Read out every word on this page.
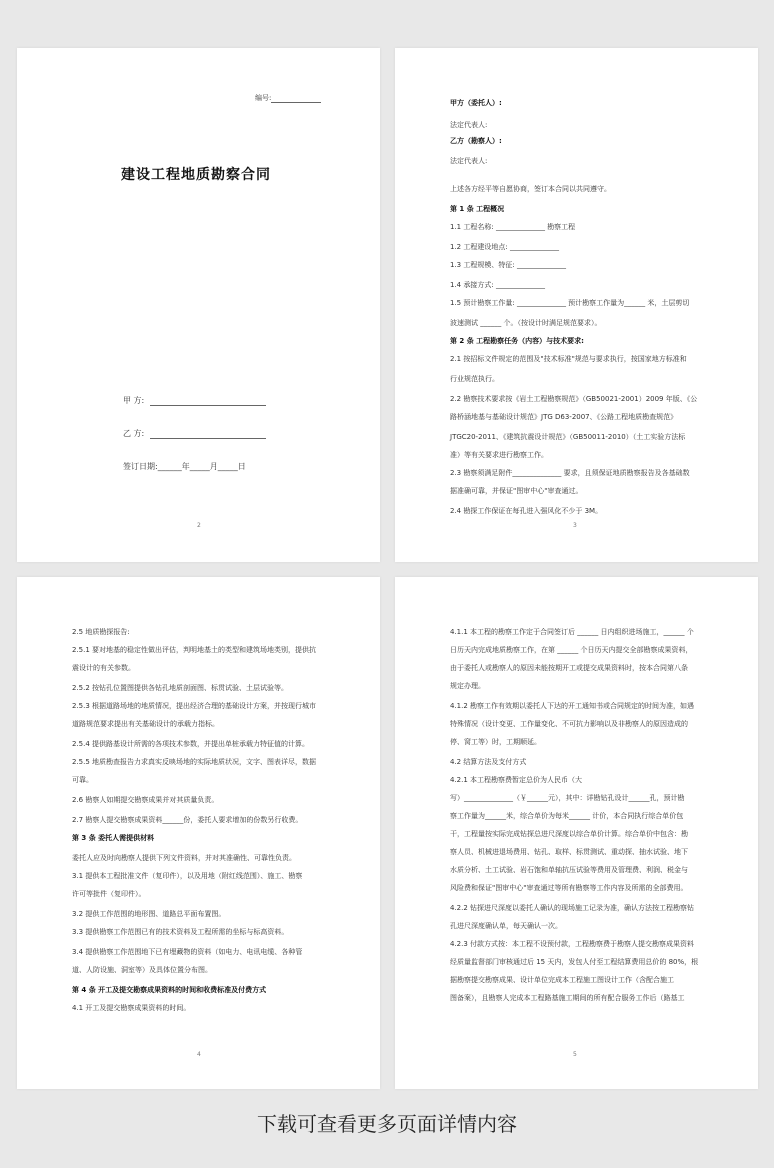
编号:
建设工程地质勘察合同
甲 方:
乙 方:
签订日期:______年_____月_____日
2
甲方（委托人）:
法定代表人:
乙方（勘察人）:
法定代表人:
上述各方经平等自愿协商，签订本合同以共同遵守。
第 1 条 工程概况
1.1 工程名称: ______________ 勘察工程
1.2 工程建设地点: ______________
1.3 工程规模、特征: ______________
1.4 承接方式: ______________
1.5 预计勘察工作量: ______________ 预计勘察工作量为______ 米，土层剪切
波速测试 ______ 个。（按设计时满足规范要求）。
第 2 条 工程勘察任务（内容）与技术要求:
2.1 按招标文件规定的范围及"技术标准"规范与要求执行，按国家地方标准和
行业规范执行。
2.2 勘察技术要求按《岩土工程勘察规范》（GB50021-2001）2009 年版、《公
路桥涵地基与基础设计规范》JTG D63-2007、《公路工程地质勘查规范》
JTGC20-2011、《建筑抗震设计规范》（GB50011-2010）（土工实验方法标
准）等有关要求进行勘察工作。
2.3 勘察须满足附件______________ 要求，且须保证地质勘察报告及各基础数
据准确可靠，并保证"图审中心"审查通过。
2.4 勘探工作保证在每孔进入强风化不少于 3M。
3
2.5 地质勘探报告:
2.5.1 要对地基的稳定性做出评估，判明地基土的类型和建筑场地类别，提供抗
震设计的有关参数。
2.5.2 按钻孔位置图提供各钻孔地质剖面图、标贯试验、土层试验等。
2.5.3 根据道路场地的地质情况，提出经济合理的基础设计方案，并按现行城市
道路规范要求提出有关基础设计的承载力指标。
2.5.4 提供路基设计所需的各项技术参数，并提出单桩承载力特征值的计算。
2.5.5 地质勘查报告力求真实反映场地的实际地质状况，文字、图表详尽，数据
可靠。
2.6 勘察人如期提交勘察成果并对其质量负责。
2.7 勘察人提交勘察成果资料______份，委托人要求增加的份数另行收费。
第 3 条 委托人需提供材料
委托人应及时向勘察人提供下列文件资料，并对其准确性、可靠性负责。
3.1 提供本工程批准文件（复印件），以及用地（附红线范围）、施工、勘察
许可等批件（复印件）。
3.2 提供工作范围的地形图、道路总平面布置图。
3.3 提供勘察工作范围已有的技术资料及工程所需的坐标与标高资料。
3.4 提供勘察工作范围地下已有埋藏物的资料（如电力、电讯电缆、各种管
道、人防设施、洞室等）及具体位置分布图。
第 4 条 开工及提交勘察成果资料的时间和收费标准及付费方式
4.1 开工及提交勘察成果资料的时间。
4
4.1.1 本工程的勘察工作定于合同签订后 ______ 日内组织进场施工，______ 个
日历天内完成地质勘察工作，在第 ______ 个日历天内提交全部勘察成果资料，
由于委托人或勘察人的原因未能按期开工或提交成果资料时，按本合同第八条
规定办理。
4.1.2 勘察工作有效期以委托人下达的开工通知书或合同规定的时间为准，如遇
特殊情况（设计变更、工作量变化、不可抗力影响以及非勘察人的原因造成的
停、窝工等）时，工期顺延。
4.2 结算方法及支付方式
4.2.1 本工程勘察费暂定总价为人民币（大
写）______________（￥______元），其中：详勘钻孔设计______孔，预计勘
察工作量为______米，综合单价为每米______ 计价，本合同执行综合单价包
干，工程量按实际完成钻探总进尺深度以综合单价计算。综合单价中包含：勘
察人员、机械进退场费用、钻孔、取样、标贯测试、重动探、抽水试验、地下
水质分析、土工试验、岩石饱和单轴抗压试验等费用及管理费、利润、税金与
风险费和保证"图审中心"审查通过等所有勘察等工作内容及所需的全部费用。
4.2.2 钻探进尺深度以委托人确认的现场施工记录为准，确认方法按工程勘察钻
孔进尺深度确认单，每天确认一次。
4.2.3 付款方式按：本工程不设预付款，工程勘察费于勘察人提交勘察成果资料
经质量监督部门审核通过后 15 天内，发包人付至工程结算费用总价的 80%，根
据勘察提交勘察成果、设计单位完成本工程施工图设计工作（含配合施工
图备案），且勘察人完成本工程路基施工期间的所有配合服务工作后（路基工
5
下载可查看更多页面详情内容
